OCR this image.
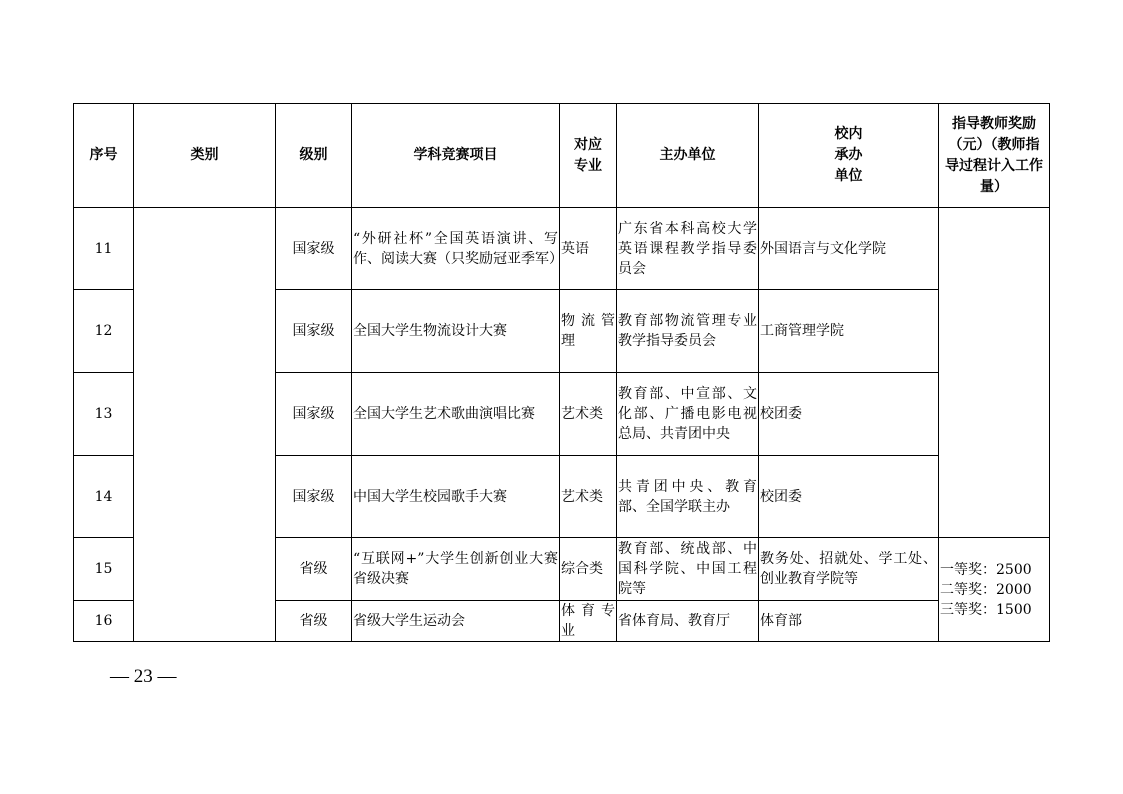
序号	类别	级别	学科竞赛项目	对应专业	主办单位	校内承办单位	指导教师奖励（元）（教师指导过程计入工作量）
11		国家级	“外研社杯”全国英语演讲、写作、阅读大赛（只奖励冠亚季军）	英语	广东省本科高校大学英语课程教学指导委员会	外国语言与文化学院	
12		国家级	全国大学生物流设计大赛	物流管理	教育部物流管理专业教学指导委员会	工商管理学院	
13		国家级	全国大学生艺术歌曲演唱比赛	艺术类	教育部、中宣部、文化部、广播电影电视总局、共青团中央	校团委	
14		国家级	中国大学生校园歌手大赛	艺术类	共青团中央、教育部、全国学联主办	校团委	
15		省级	“互联网+”大学生创新创业大赛省级决赛	综合类	教育部、统战部、中国科学院、中国工程院等	教务处、招就处、学工处、创业教育学院等	一等奖：2500
二等奖：2000
三等奖：1500

16		省级	省级大学生运动会	体育专业	省体育局、教育厅	体育部	
— 23 —
